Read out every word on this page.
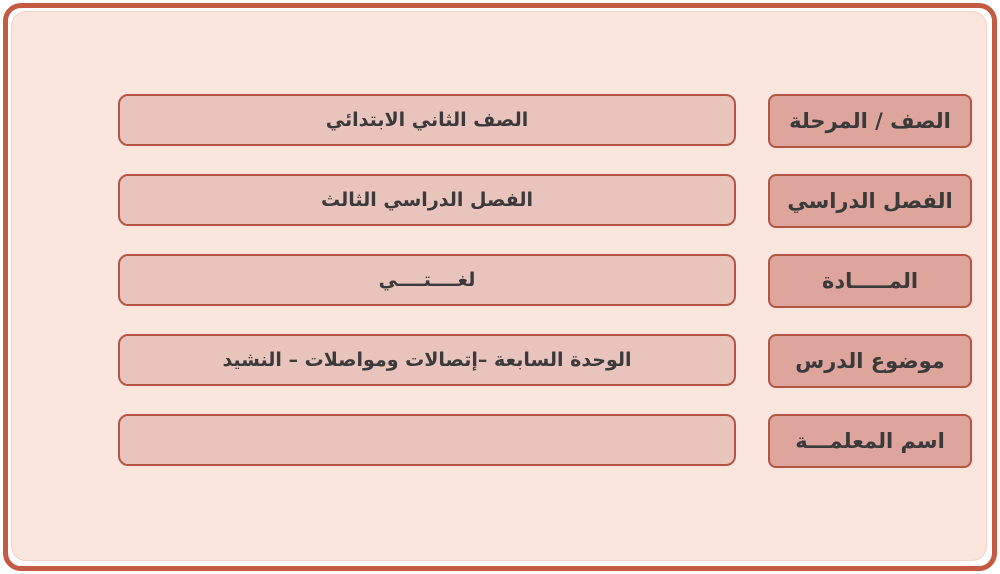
الصف الثاني الابتدائي	الصف / المرحلة
الفصل الدراسي الثالث	الفصل الدراسي
لغــــتــــي	المـــــادة
الوحدة السابعة –إتصالات ومواصلات – النشيد	موضوع الدرس
اسم المعلمـــة
